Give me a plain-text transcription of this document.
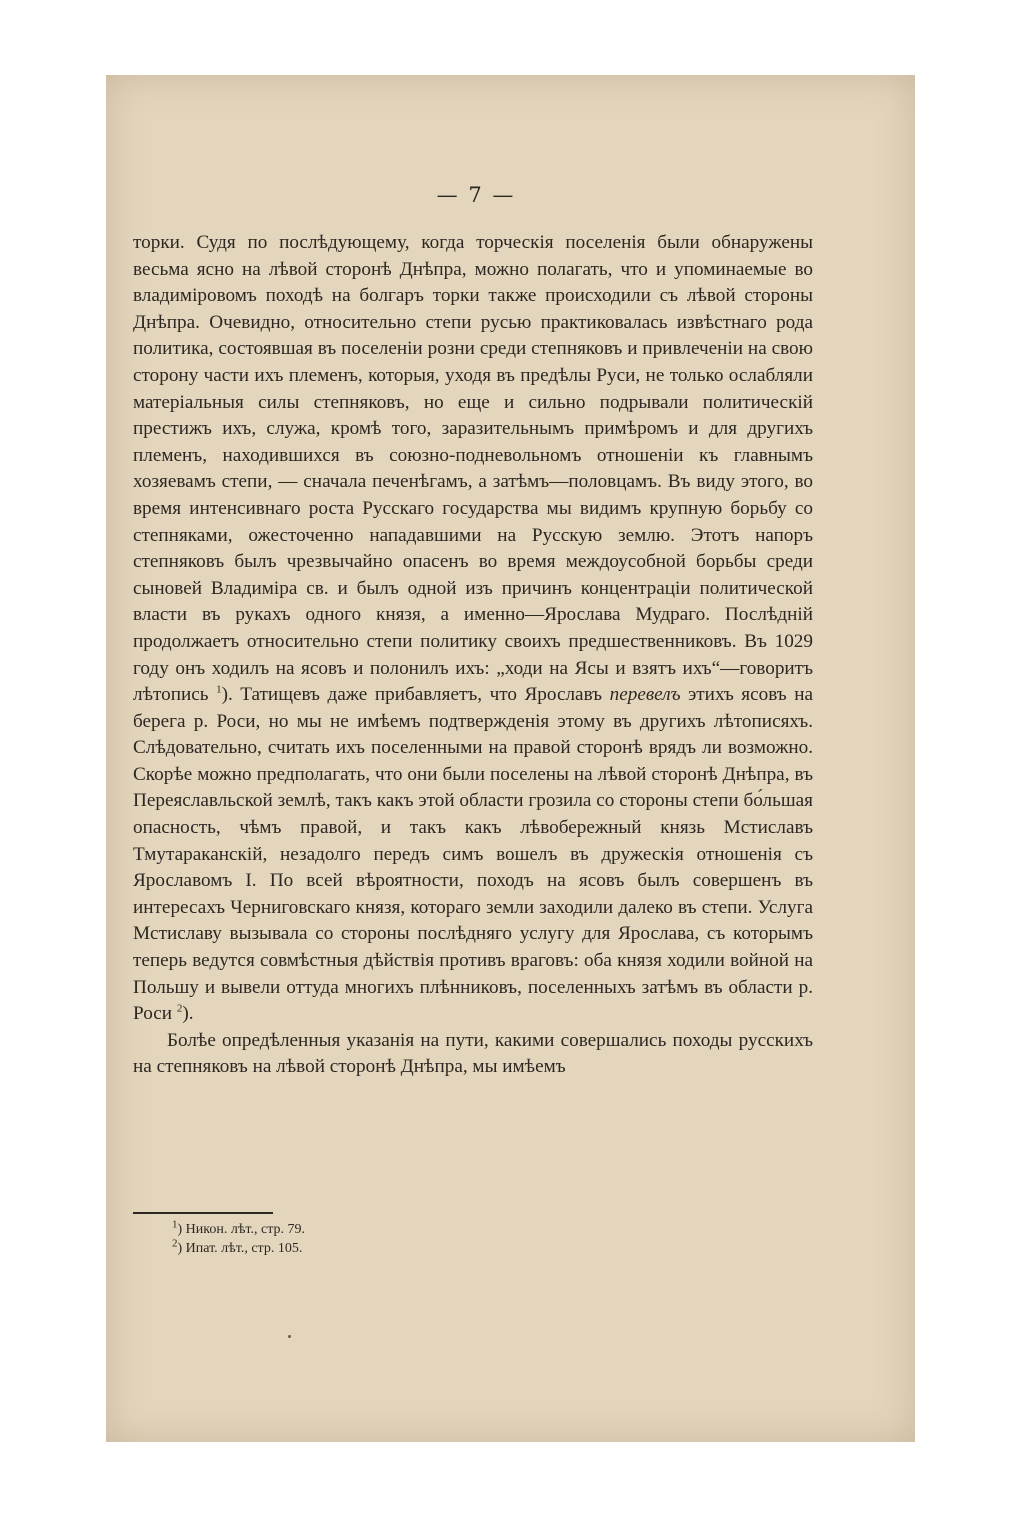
— 7 —

торки. Судя по послѣдующему, когда торческія поселенія были обнаружены весьма ясно на лѣвой сторонѣ Днѣпра, можно полагать, что и упоминаемые во владиміровомъ походѣ на болгаръ торки также происходили съ лѣвой стороны Днѣпра. Очевидно, относительно степи русью практиковалась извѣстнаго рода политика, состоявшая въ поселеніи розни среди степняковъ и привлеченіи на свою сторону части ихъ племенъ, которыя, уходя въ предѣлы Руси, не только ослабляли матеріальныя силы степняковъ, но еще и сильно подрывали политическій престижъ ихъ, служа, кромѣ того, заразительнымъ примѣромъ и для другихъ племенъ, находившихся въ союзно-подневольномъ отношеніи къ главнымъ хозяевамъ степи, — сначала печенѣгамъ, а затѣмъ—половцамъ. Въ виду этого, во время интенсивнаго роста Русскаго государства мы видимъ крупную борьбу со степняками, ожесточенно нападавшими на Русскую землю. Этотъ напоръ степняковъ былъ чрезвычайно опасенъ во время междоусобной борьбы среди сыновей Владиміра св. и былъ одной изъ причинъ концентраціи политической власти въ рукахъ одного князя, а именно—Ярослава Мудраго. Послѣдній продолжаетъ относительно степи политику своихъ предшественниковъ. Въ 1029 году онъ ходилъ на ясовъ и полонилъ ихъ: „ходи на Ясы и взятъ ихъ“—говоритъ лѣтопись $^1$). Татищевъ даже прибавляетъ, что Ярославъ перевелъ этихъ ясовъ на берега р. Роси, но мы не имѣемъ подтвержденія этому въ другихъ лѣтописяхъ. Слѣдовательно, считать ихъ поселенными на правой сторонѣ врядъ ли возможно. Скорѣе можно предполагать, что они были поселены на лѣвой сторонѣ Днѣпра, въ Переяславльской землѣ, такъ какъ этой области грозила со стороны степи бо́льшая опасность, чѣмъ правой, и такъ какъ лѣвобережный князь Мстиславъ Тмутараканскій, незадолго передъ симъ вошелъ въ дружескія отношенія съ Ярославомъ I. По всей вѣроятности, походъ на ясовъ былъ совершенъ въ интересахъ Черниговскаго князя, котораго земли заходили далеко въ степи. Услуга Мстиславу вызывала со стороны послѣдняго услугу для Ярослава, съ которымъ теперь ведутся совмѣстныя дѣйствія противъ враговъ: оба князя ходили войной на Польшу и вывели оттуда многихъ плѣнниковъ, поселенныхъ затѣмъ въ области р. Роси $^2$).

Болѣе опредѣленныя указанія на пути, какими совершались походы русскихъ на степняковъ на лѣвой сторонѣ Днѣпра, мы имѣемъ

$^1$) Никон. лѣт., стр. 79.

$^2$) Ипат. лѣт., стр. 105.
